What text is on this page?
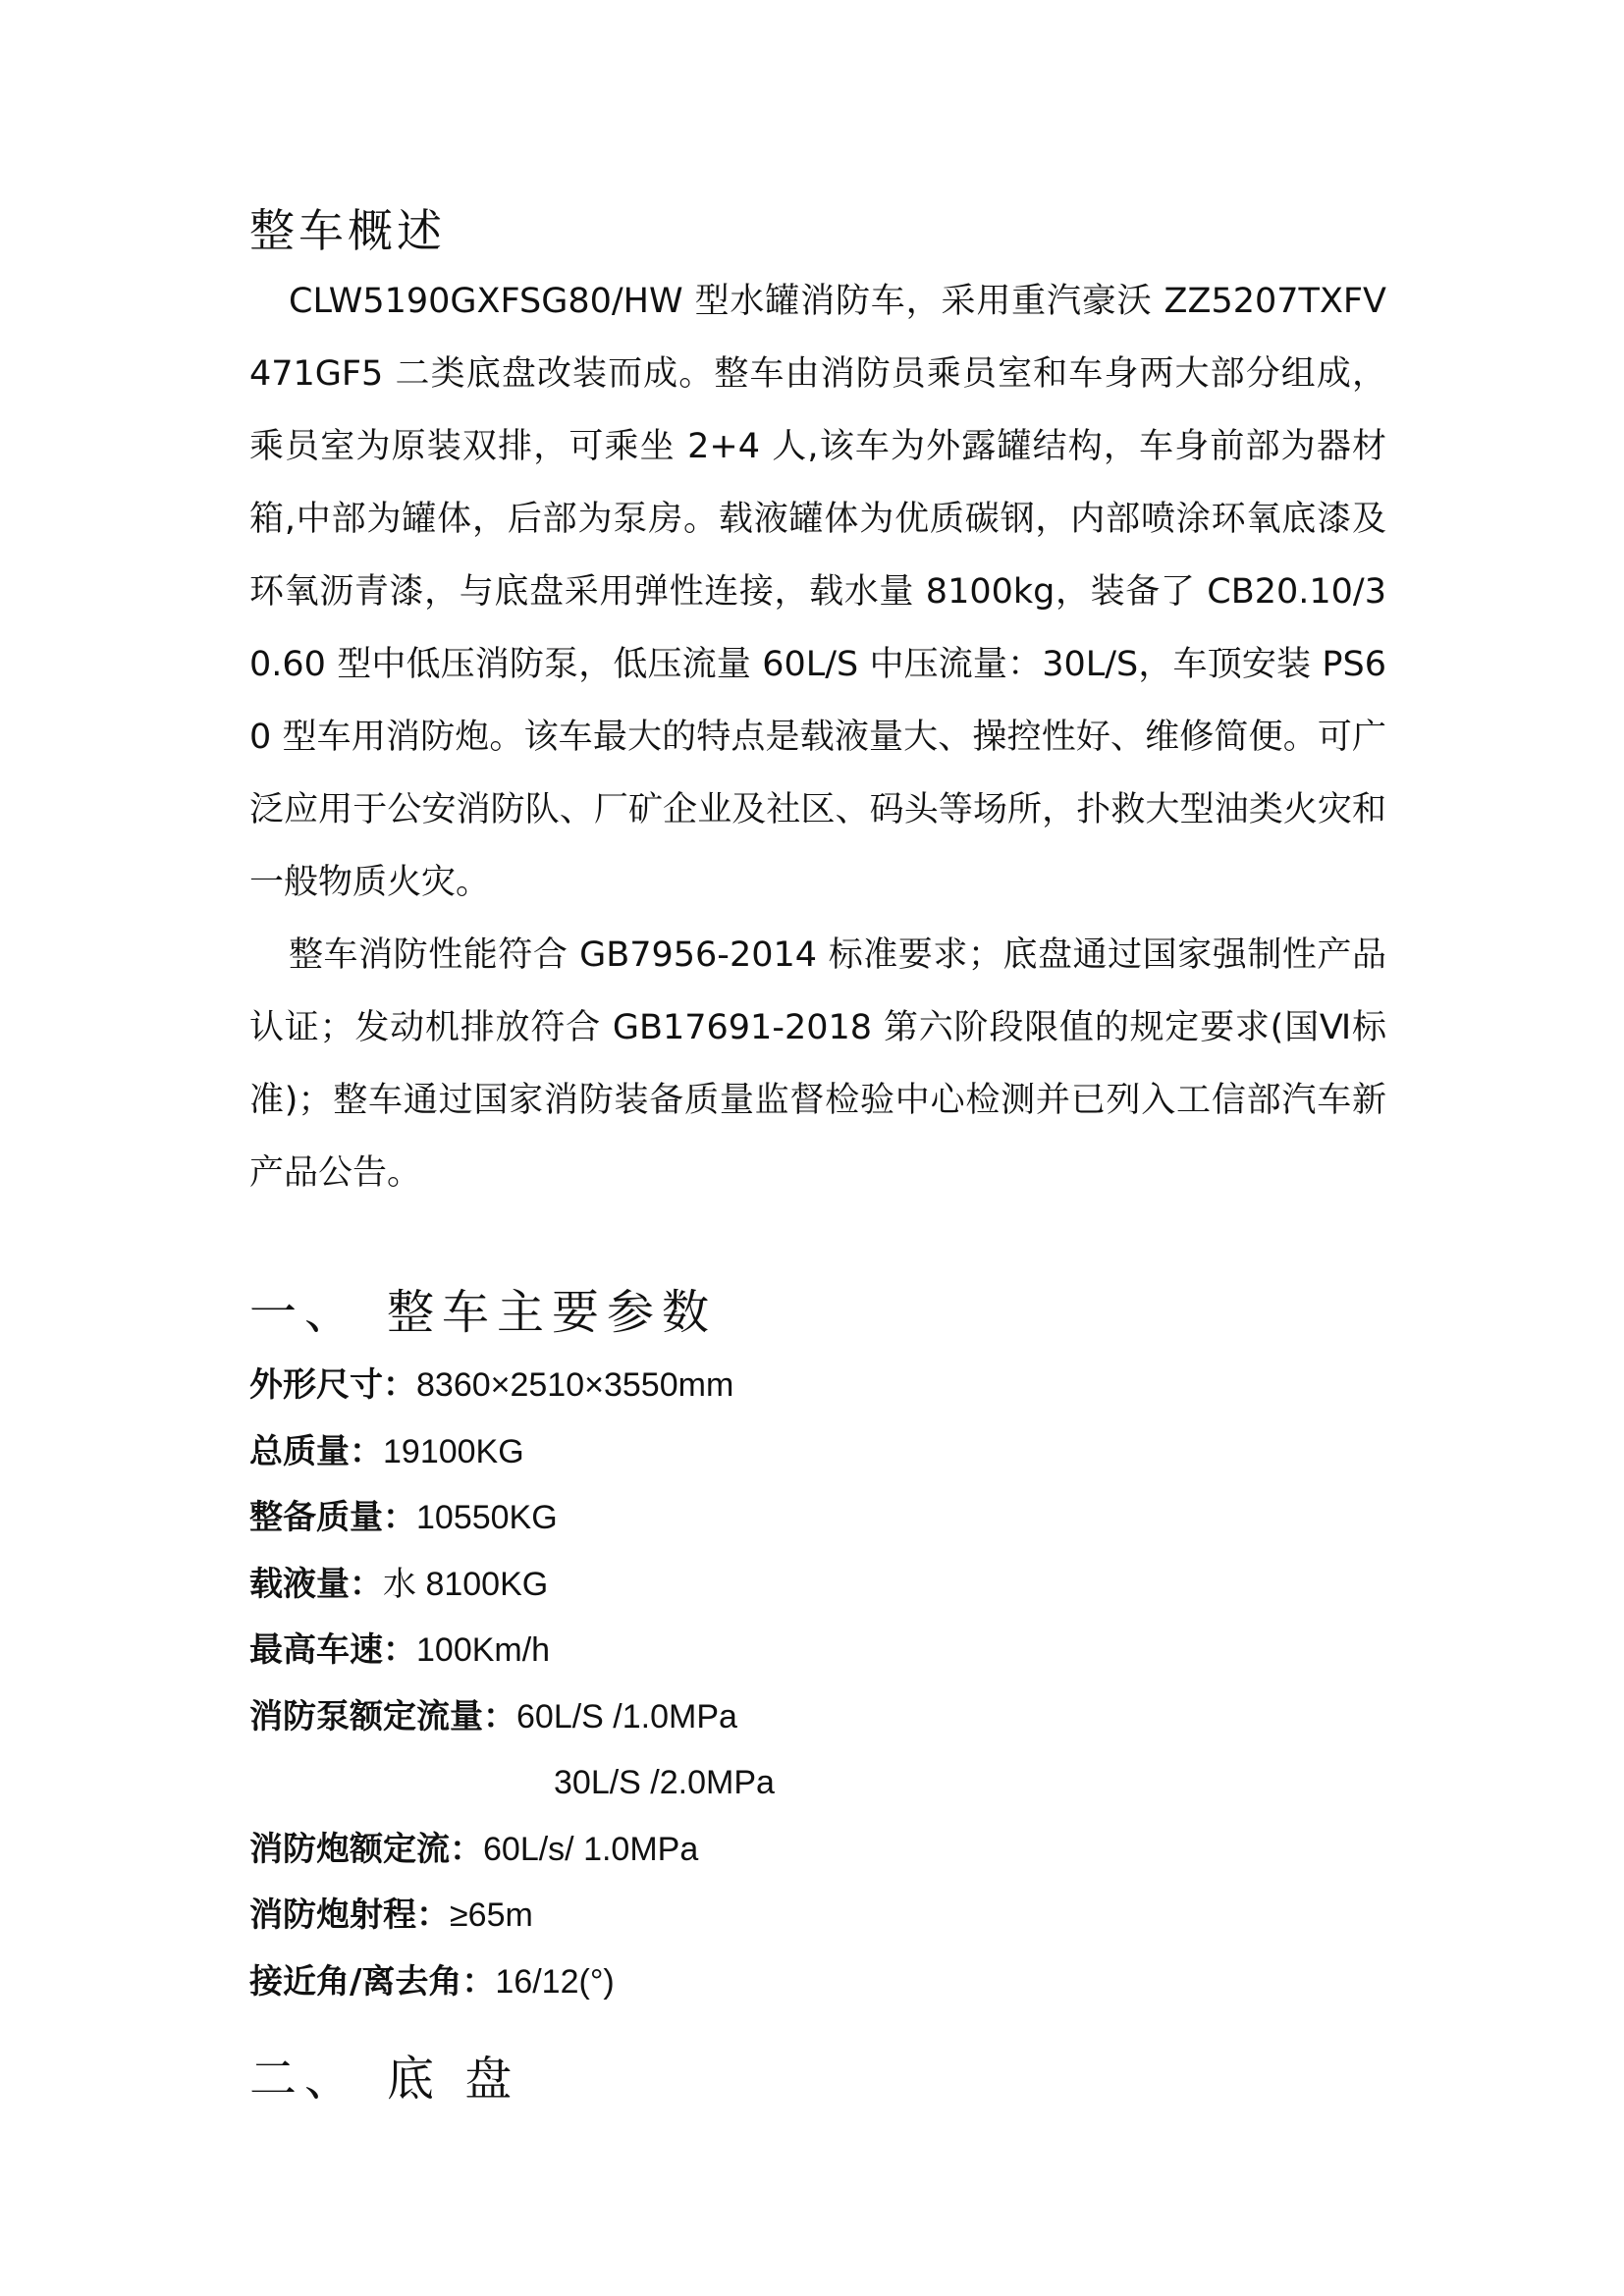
整车概述

CLW5190GXFSG80/HW 型水罐消防车，采用重汽豪沃 ZZ5207TXFV471GF5 二类底盘改装而成。整车由消防员乘员室和车身两大部分组成，乘员室为原装双排，可乘坐 2+4 人,该车为外露罐结构，车身前部为器材箱,中部为罐体，后部为泵房。载液罐体为优质碳钢，内部喷涂环氧底漆及环氧沥青漆，与底盘采用弹性连接，载水量 8100kg，装备了 CB20.10/30.60 型中低压消防泵，低压流量 60L/S 中压流量：30L/S，车顶安装 PS60 型车用消防炮。该车最大的特点是载液量大、操控性好、维修简便。可广泛应用于公安消防队、厂矿企业及社区、码头等场所，扑救大型油类火灾和一般物质火灾。

整车消防性能符合 GB7956-2014 标准要求；底盘通过国家强制性产品认证；发动机排放符合 GB17691-2018 第六阶段限值的规定要求(国Ⅵ标准)；整车通过国家消防装备质量监督检验中心检测并已列入工信部汽车新产品公告。

一、 整车主要参数
外形尺寸：8360×2510×3550mm
总质量：19100KG
整备质量：10550KG
载液量：水 8100KG
最高车速：100Km/h
消防泵额定流量：60L/S /1.0MPa
30L/S /2.0MPa
消防炮额定流：60L/s/ 1.0MPa
消防炮射程：≥65m
接近角/离去角：16/12(°)
二、 底 盘
